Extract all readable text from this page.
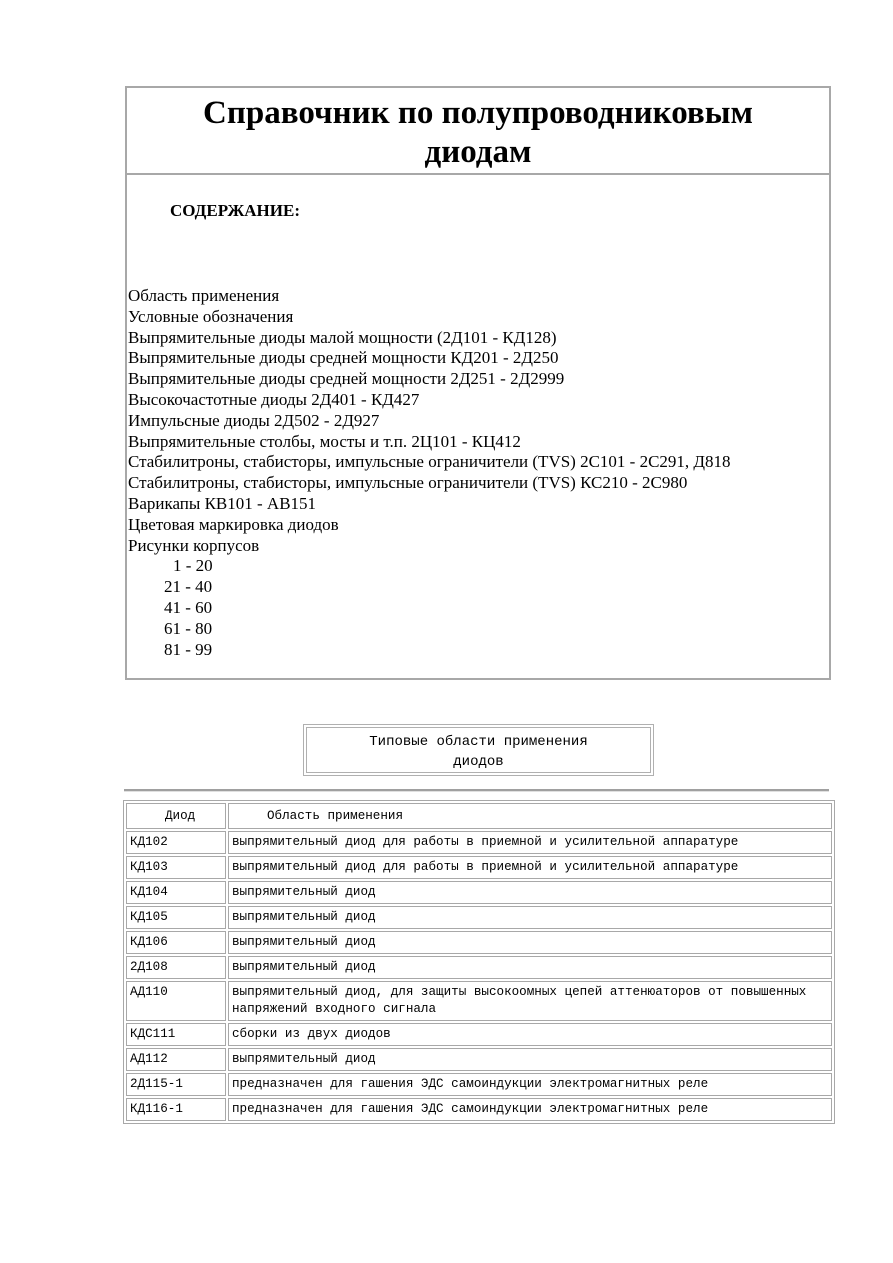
Справочник по полупроводниковым
диодам
СОДЕРЖАНИЕ:
Область применения
Условные обозначения
Выпрямительные диоды малой мощности (2Д101 - КД128)
Выпрямительные диоды средней мощности КД201 - 2Д250
Выпрямительные диоды средней мощности 2Д251 - 2Д2999
Высокочастотные диоды 2Д401 - КД427
Импульсные диоды 2Д502 - 2Д927
Выпрямительные столбы, мосты и т.п. 2Ц101 - КЦ412
Стабилитроны, стабисторы, импульсные ограничители (TVS) 2С101 - 2С291, Д818
Стабилитроны, стабисторы, импульсные ограничители (TVS) КС210 - 2С980
Варикапы КВ101 - АВ151
Цветовая маркировка диодов
Рисунки корпусов
1 - 20
21 - 40
41 - 60
61 - 80
81 - 99
Типовые области применения
диодов
Диод	Область применения
КД102	выпрямительный диод для работы в приемной и усилительной аппаратуре
КД103	выпрямительный диод для работы в приемной и усилительной аппаратуре
КД104	выпрямительный диод
КД105	выпрямительный диод
КД106	выпрямительный диод
2Д108	выпрямительный диод
АД110	выпрямительный диод, для защиты высокоомных цепей аттенюаторов от повышенных напряжений входного сигнала
КДС111	сборки из двух диодов
АД112	выпрямительный диод
2Д115-1	предназначен для гашения ЭДС самоиндукции электромагнитных реле
КД116-1	предназначен для гашения ЭДС самоиндукции электромагнитных реле
